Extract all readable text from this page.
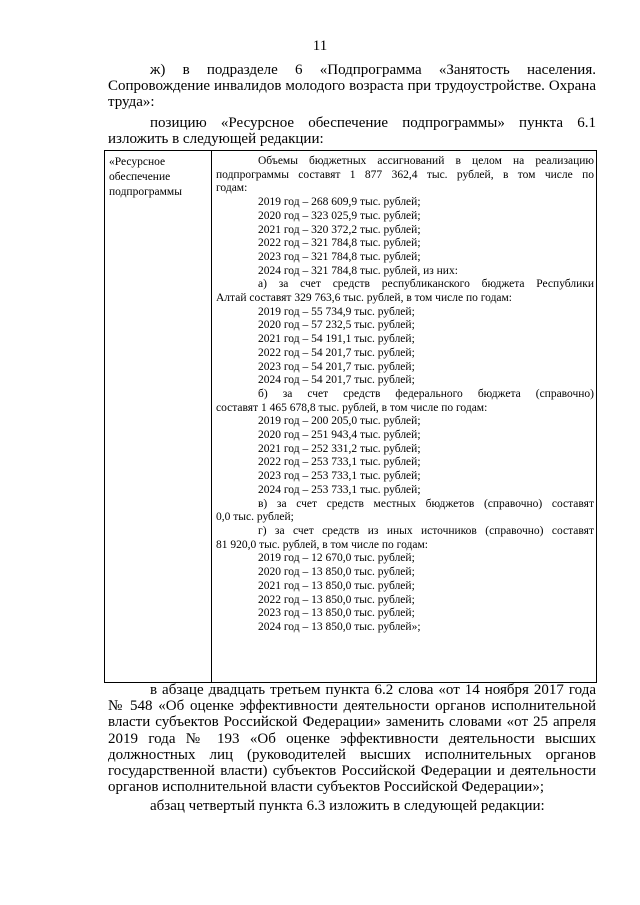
11
ж) в подразделе 6 «Подпрограмма «Занятость населения. Сопровождение инвалидов молодого возраста при трудоустройстве. Охрана труда»:
позицию «Ресурсное обеспечение подпрограммы» пункта 6.1 изложить в следующей редакции:
«Ресурсное обеспечение подпрограммы
Объемы бюджетных ассигнований в целом на реализацию
подпрограммы составят 1 877 362,4 тыс. рублей, в том числе по
годам:
2019 год – 268 609,9 тыс. рублей;
2020 год – 323 025,9 тыс. рублей;
2021 год – 320 372,2 тыс. рублей;
2022 год – 321 784,8 тыс. рублей;
2023 год – 321 784,8 тыс. рублей;
2024 год – 321 784,8 тыс. рублей, из них:
а) за счет средств республиканского бюджета Республики
Алтай составят 329 763,6 тыс. рублей, в том числе по годам:
2019 год – 55 734,9 тыс. рублей;
2020 год – 57 232,5 тыс. рублей;
2021 год – 54 191,1 тыс. рублей;
2022 год – 54 201,7 тыс. рублей;
2023 год – 54 201,7 тыс. рублей;
2024 год – 54 201,7 тыс. рублей;
б) за счет средств федерального бюджета (справочно)
составят 1 465 678,8 тыс. рублей, в том числе по годам:
2019 год – 200 205,0 тыс. рублей;
2020 год – 251 943,4 тыс. рублей;
2021 год – 252 331,2 тыс. рублей;
2022 год – 253 733,1 тыс. рублей;
2023 год – 253 733,1 тыс. рублей;
2024 год – 253 733,1 тыс. рублей;
в) за счет средств местных бюджетов (справочно) составят
0,0 тыс. рублей;
г) за счет средств из иных источников (справочно) составят
81 920,0 тыс. рублей, в том числе по годам:
2019 год – 12 670,0 тыс. рублей;
2020 год – 13 850,0 тыс. рублей;
2021 год – 13 850,0 тыс. рублей;
2022 год – 13 850,0 тыс. рублей;
2023 год – 13 850,0 тыс. рублей;
2024 год – 13 850,0 тыс. рублей»;
в абзаце двадцать третьем пункта 6.2 слова «от 14 ноября 2017 года № 548 «Об оценке эффективности деятельности органов исполнительной власти субъектов Российской Федерации» заменить словами «от 25 апреля 2019 года № 193 «Об оценке эффективности деятельности высших должностных лиц (руководителей высших исполнительных органов государственной власти) субъектов Российской Федерации и деятельности органов исполнительной власти субъектов Российской Федерации»;
абзац четвертый пункта 6.3 изложить в следующей редакции:
